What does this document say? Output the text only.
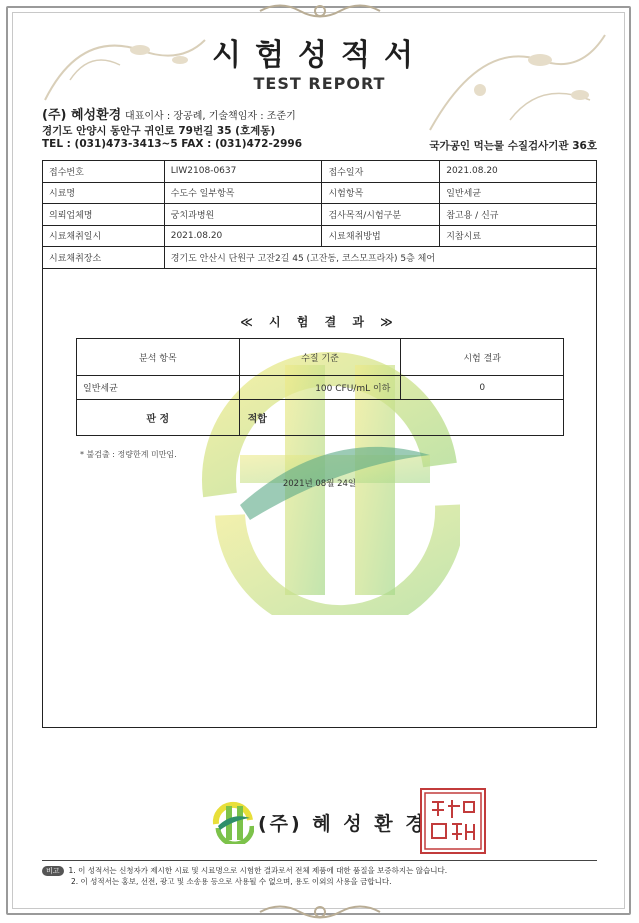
시험성적서
TEST REPORT
(주) 혜성환경 대표이사 : 장공례, 기술책임자 : 조준기
경기도 안양시 동안구 귀인로 79번길 35 (호계동)
TEL : (031)473-3413~5 FAX : (031)472-2996	국가공인 먹는물 수질검사기관 36호
접수번호	LIW2108-0637	접수일자	2021.08.20
시료명	수도수 일부항목	시험항목	일반세균
의뢰업체명	궁치과병원	검사목적/시험구분	참고용 / 신규
시료채취일시	2021.08.20	시료채취방법	지참시료
시료채취장소	경기도 안산시 단원구 고잔2길 45 (고잔동, 코스모프라자) 5층 체어		
≪ 시 험 결 과 ≫
분석 항목	수질 기준	시험 결과
일반세균	100 CFU/mL 이하	0
판 정	적합	
* 불검출 : 정량한계 미만임.
2021년 08월 24일
(주) 혜 성 환 경
비고	1. 이 성적서는 신청자가 제시한 시료 및 시료명으로 시험한 결과로서 전체 제품에 대한 품질을 보증하지는 않습니다.
2. 이 성적서는 홍보, 선전, 광고 및 소송용 등으로 사용될 수 없으며, 용도 이외의 사용을 금합니다.
